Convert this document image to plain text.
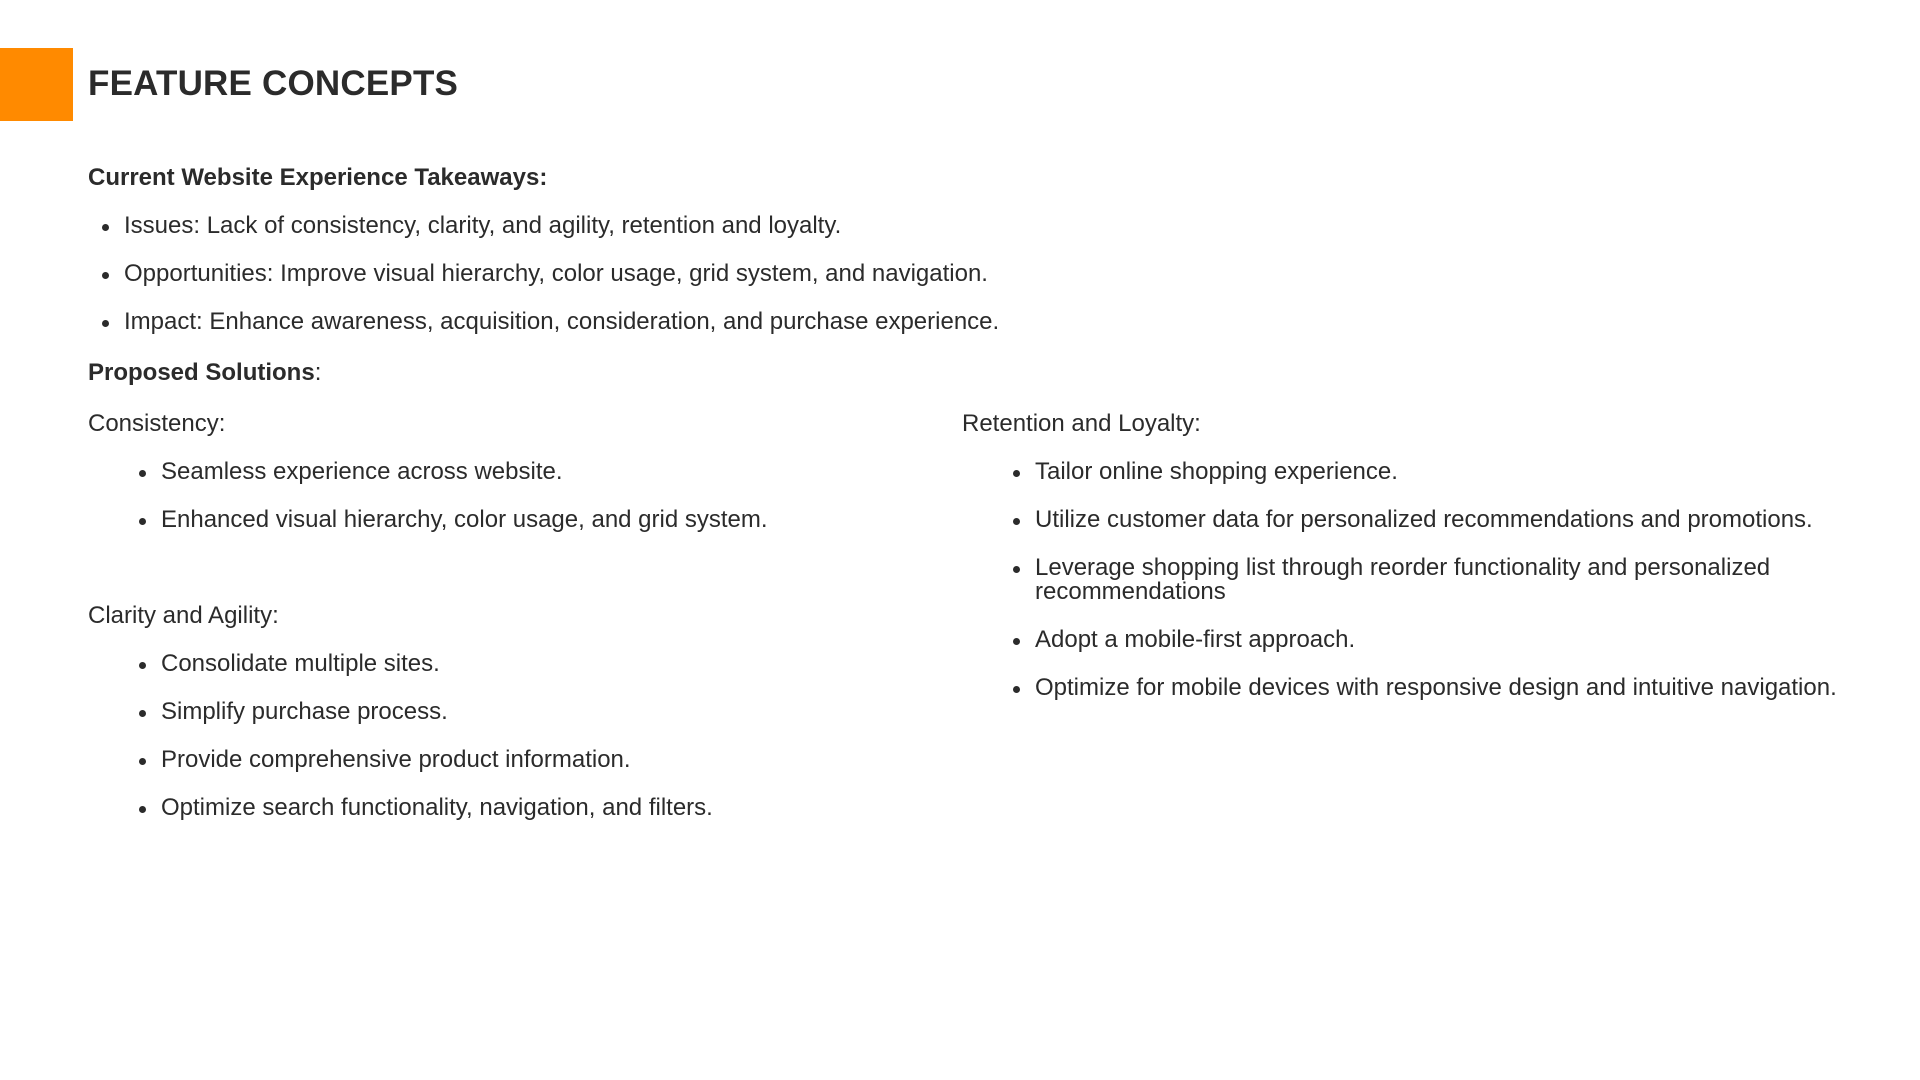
FEATURE CONCEPTS

Current Website Experience Takeaways:

Issues: Lack of consistency, clarity, and agility, retention and loyalty.
Opportunities: Improve visual hierarchy, color usage, grid system, and navigation.
Impact: Enhance awareness, acquisition, consideration, and purchase experience.

Proposed Solutions:

Consistency:

Seamless experience across website.
Enhanced visual hierarchy, color usage, and grid system.

Clarity and Agility:

Consolidate multiple sites.
Simplify purchase process.
Provide comprehensive product information.
Optimize search functionality, navigation, and filters.

Retention and Loyalty:

Tailor online shopping experience.
Utilize customer data for personalized recommendations and promotions.
Leverage shopping list through reorder functionality and personalized recommendations
Adopt a mobile-first approach.
Optimize for mobile devices with responsive design and intuitive navigation.
